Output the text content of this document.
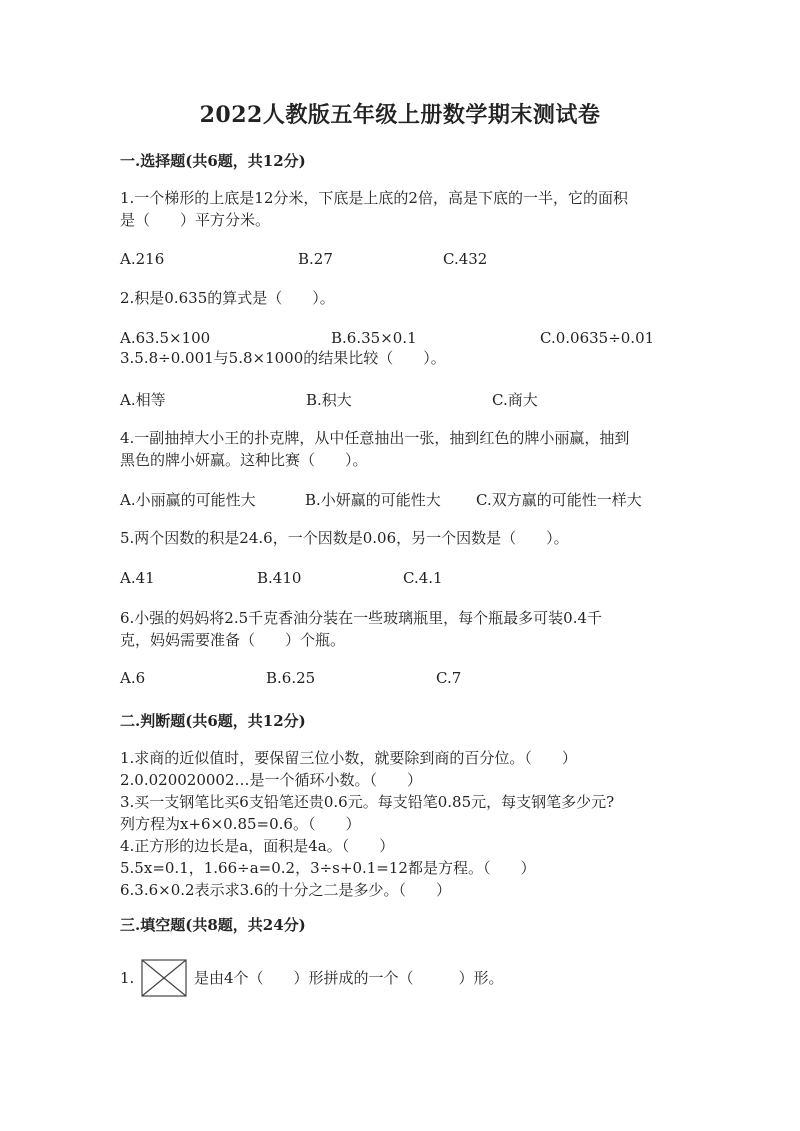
2022人教版五年级上册数学期末测试卷
一.选择题(共6题，共12分)
1.一个梯形的上底是12分米，下底是上底的2倍，高是下底的一半，它的面积
是（　　）平方分米。
A.216	B.27	C.432
2.积是0.635的算式是（　　）。
A.63.5×100	B.6.35×0.1	C.0.0635÷0.01
3.5.8÷0.001与5.8×1000的结果比较（　　）。
A.相等	B.积大	C.商大
4.一副抽掉大小王的扑克牌，从中任意抽出一张，抽到红色的牌小丽赢，抽到
黑色的牌小妍赢。这种比赛（　　）。
A.小丽赢的可能性大	B.小妍赢的可能性大 C.双方赢的可能性一样大
5.两个因数的积是24.6，一个因数是0.06，另一个因数是（　　）。
A.41	B.410	C.4.1
6.小强的妈妈将2.5千克香油分装在一些玻璃瓶里，每个瓶最多可装0.4千
克，妈妈需要准备（　　）个瓶。
A.6	B.6.25	C.7
二.判断题(共6题，共12分)
1.求商的近似值时，要保留三位小数，就要除到商的百分位。（　　）
2.0.020020002…是一个循环小数。（　　）
3.买一支钢笔比买6支铅笔还贵0.6元。每支铅笔0.85元，每支钢笔多少元?
列方程为x+6×0.85=0.6。（　　）
4.正方形的边长是a，面积是4a。（　　）
5.5x=0.1，1.66÷a=0.2，3÷s+0.1=12都是方程。（　　）
6.3.6×0.2表示求3.6的十分之二是多少。（　　）
三.填空题(共8题，共24分)
1.	是由4个（　　）形拼成的一个（　　　）形。
